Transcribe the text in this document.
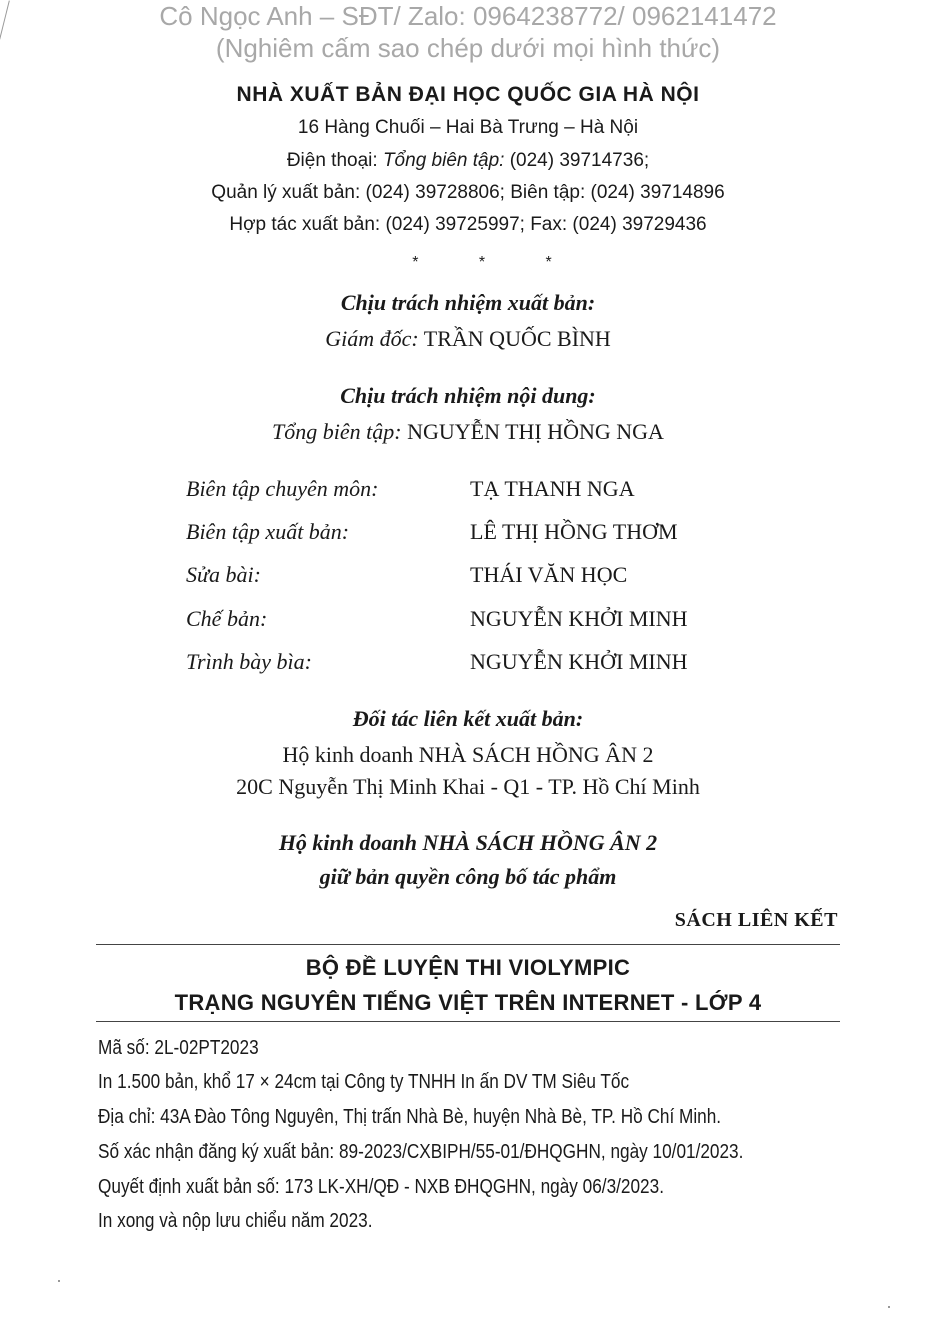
Cô Ngọc Anh – SĐT/ Zalo: 0964238772/ 0962141472
(Nghiêm cấm sao chép dưới mọi hình thức)
NHÀ XUẤT BẢN ĐẠI HỌC QUỐC GIA HÀ NỘI
16 Hàng Chuối – Hai Bà Trưng – Hà Nội
Điện thoại: Tổng biên tập: (024) 39714736;
Quản lý xuất bản: (024) 39728806; Biên tập: (024) 39714896
Hợp tác xuất bản: (024) 39725997; Fax: (024) 39729436
* * *
Chịu trách nhiệm xuất bản:
Giám đốc: TRẦN QUỐC BÌNH
Chịu trách nhiệm nội dung:
Tổng biên tập: NGUYỄN THỊ HỒNG NGA
Biên tập chuyên môn:	TẠ THANH NGA
Biên tập xuất bản:	LÊ THỊ HỒNG THƠM
Sửa bài:	THÁI VĂN HỌC
Chế bản:	NGUYỄN KHỞI MINH
Trình bày bìa:	NGUYỄN KHỞI MINH
Đối tác liên kết xuất bản:
Hộ kinh doanh NHÀ SÁCH HỒNG ÂN 2
20C Nguyễn Thị Minh Khai - Q1 - TP. Hồ Chí Minh
Hộ kinh doanh NHÀ SÁCH HỒNG ÂN 2
giữ bản quyền công bố tác phẩm
SÁCH LIÊN KẾT
BỘ ĐỀ LUYỆN THI VIOLYMPIC
TRẠNG NGUYÊN TIẾNG VIỆT TRÊN INTERNET - LỚP 4
Mã số: 2L-02PT2023
In 1.500 bản, khổ 17 × 24cm tại Công ty TNHH In ấn DV TM Siêu Tốc
Địa chỉ: 43A Đào Tông Nguyên, Thị trấn Nhà Bè, huyện Nhà Bè, TP. Hồ Chí Minh.
Số xác nhận đăng ký xuất bản: 89-2023/CXBIPH/55-01/ĐHQGHN, ngày 10/01/2023.
Quyết định xuất bản số: 173 LK-XH/QĐ - NXB ĐHQGHN, ngày 06/3/2023.
In xong và nộp lưu chiểu năm 2023.
